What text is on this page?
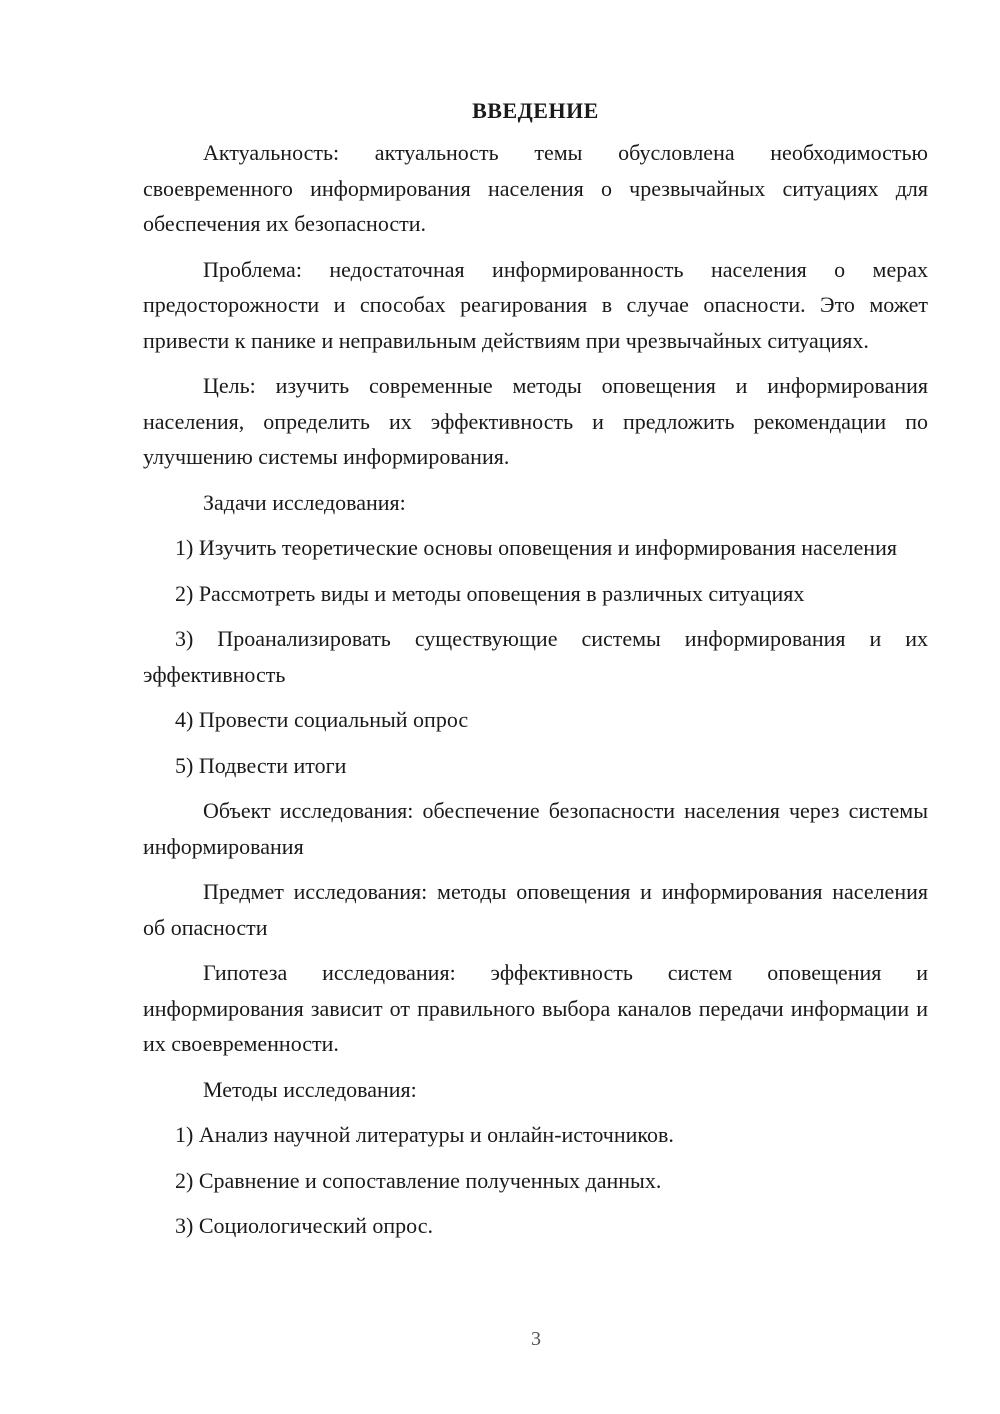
ВВЕДЕНИЕ

Актуальность: актуальность темы обусловлена необходимостью своевременного информирования населения о чрезвычайных ситуациях для обеспечения их безопасности.

Проблема: недостаточная информированность населения о мерах предосторожности и способах реагирования в случае опасности. Это может привести к панике и неправильным действиям при чрезвычайных ситуациях.

Цель: изучить современные методы оповещения и информирования населения, определить их эффективность и предложить рекомендации по улучшению системы информирования.

Задачи исследования:

1) Изучить теоретические основы оповещения и информирования населения

2) Рассмотреть виды и методы оповещения в различных ситуациях

3) Проанализировать существующие системы информирования и их эффективность

4) Провести социальный опрос

5) Подвести итоги

Объект исследования: обеспечение безопасности населения через системы информирования

Предмет исследования: методы оповещения и информирования населения об опасности

Гипотеза исследования: эффективность систем оповещения и информирования зависит от правильного выбора каналов передачи информации и их своевременности.

Методы исследования:

1) Анализ научной литературы и онлайн-источников.

2) Сравнение и сопоставление полученных данных.

3) Социологический опрос.

3
